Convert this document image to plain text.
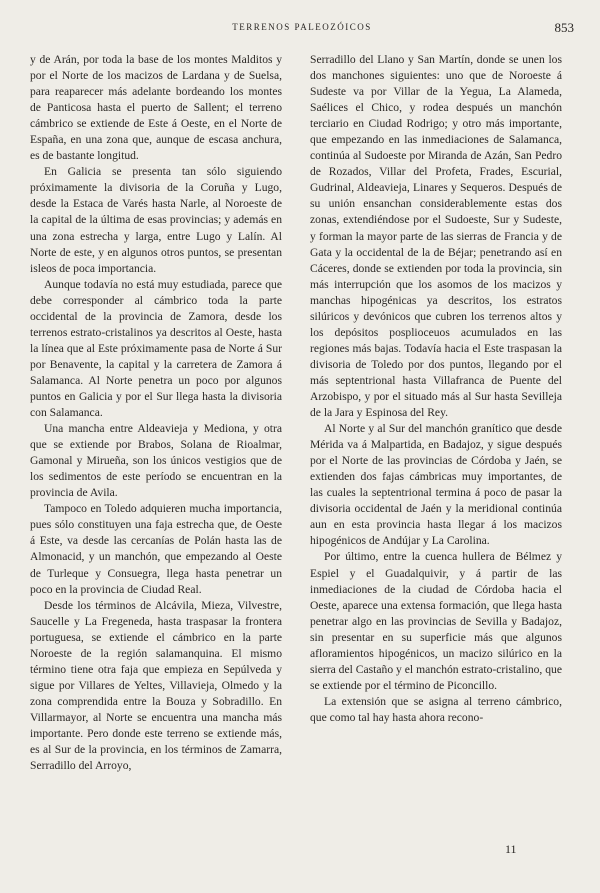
TERRENOS PALEOZÓICOS	853

y de Arán, por toda la base de los montes Malditos y por el Norte de los macizos de Lardana y de Suelsa, para reaparecer más adelante bordeando los montes de Panticosa hasta el puerto de Sallent; el terreno cámbrico se extiende de Este á Oeste, en el Norte de España, en una zona que, aunque de escasa anchura, es de bastante longitud.

En Galicia se presenta tan sólo siguiendo próximamente la divisoria de la Coruña y Lugo, desde la Estaca de Varés hasta Narle, al Noroeste de la capital de la última de esas provincias; y además en una zona estrecha y larga, entre Lugo y Lalín. Al Norte de este, y en algunos otros puntos, se presentan isleos de poca importancia.

Aunque todavía no está muy estudiada, parece que debe corresponder al cámbrico toda la parte occidental de la provincia de Zamora, desde los terrenos estrato-cristalinos ya descritos al Oeste, hasta la línea que al Este próximamente pasa de Norte á Sur por Benavente, la capital y la carretera de Zamora á Salamanca. Al Norte penetra un poco por algunos puntos en Galicia y por el Sur llega hasta la divisoria con Salamanca.

Una mancha entre Aldeavieja y Mediona, y otra que se extiende por Brabos, Solana de Rioalmar, Gamonal y Mirueña, son los únicos vestigios que de los sedimentos de este período se encuentran en la provincia de Avila.

Tampoco en Toledo adquieren mucha importancia, pues sólo constituyen una faja estrecha que, de Oeste á Este, va desde las cercanías de Polán hasta las de Almonacid, y un manchón, que empezando al Oeste de Turleque y Consuegra, llega hasta penetrar un poco en la provincia de Ciudad Real.

Desde los términos de Alcávila, Mieza, Vilvestre, Saucelle y La Fregeneda, hasta traspasar la frontera portuguesa, se extiende el cámbrico en la parte Noroeste de la región salamanquina. El mismo término tiene otra faja que empieza en Sepúlveda y sigue por Villares de Yeltes, Villavieja, Olmedo y la zona comprendida entre la Bouza y Sobradillo. En Villarmayor, al Norte se encuentra una mancha más importante. Pero donde este terreno se extiende más, es al Sur de la provincia, en los términos de Zamarra, Serradillo del Arroyo,

Serradillo del Llano y San Martín, donde se unen los dos manchones siguientes: uno que de Noroeste á Sudeste va por Villar de la Yegua, La Alameda, Saélices el Chico, y rodea después un manchón terciario en Ciudad Rodrigo; y otro más importante, que empezando en las inmediaciones de Salamanca, continúa al Sudoeste por Miranda de Azán, San Pedro de Rozados, Villar del Profeta, Frades, Escurial, Gudrinal, Aldeavieja, Linares y Sequeros. Después de su unión ensanchan considerablemente estas dos zonas, extendiéndose por el Sudoeste, Sur y Sudeste, y forman la mayor parte de las sierras de Francia y de Gata y la occidental de la de Béjar; penetrando así en Cáceres, donde se extienden por toda la provincia, sin más interrupción que los asomos de los macizos y manchas hipogénicas ya descritos, los estratos silúricos y devónicos que cubren los terrenos altos y los depósitos posplioceuos acumulados en las regiones más bajas. Todavía hacia el Este traspasan la divisoria de Toledo por dos puntos, llegando por el más septentrional hasta Villafranca de Puente del Arzobispo, y por el situado más al Sur hasta Sevilleja de la Jara y Espinosa del Rey.

Al Norte y al Sur del manchón granítico que desde Mérida va á Malpartida, en Badajoz, y sigue después por el Norte de las provincias de Córdoba y Jaén, se extienden dos fajas cámbricas muy importantes, de las cuales la septentrional termina á poco de pasar la divisoria occidental de Jaén y la meridional continúa aun en esta provincia hasta llegar á los macizos hipogénicos de Andújar y La Carolina.

Por último, entre la cuenca hullera de Bélmez y Espiel y el Guadalquivir, y á partir de las inmediaciones de la ciudad de Córdoba hacia el Oeste, aparece una extensa formación, que llega hasta penetrar algo en las provincias de Sevilla y Badajoz, sin presentar en su superficie más que algunos afloramientos hipogénicos, un macizo silúrico en la sierra del Castaño y el manchón estrato-cristalino, que se extiende por el término de Piconcillo.

La extensión que se asigna al terreno cámbrico, que como tal hay hasta ahora recono-

11
